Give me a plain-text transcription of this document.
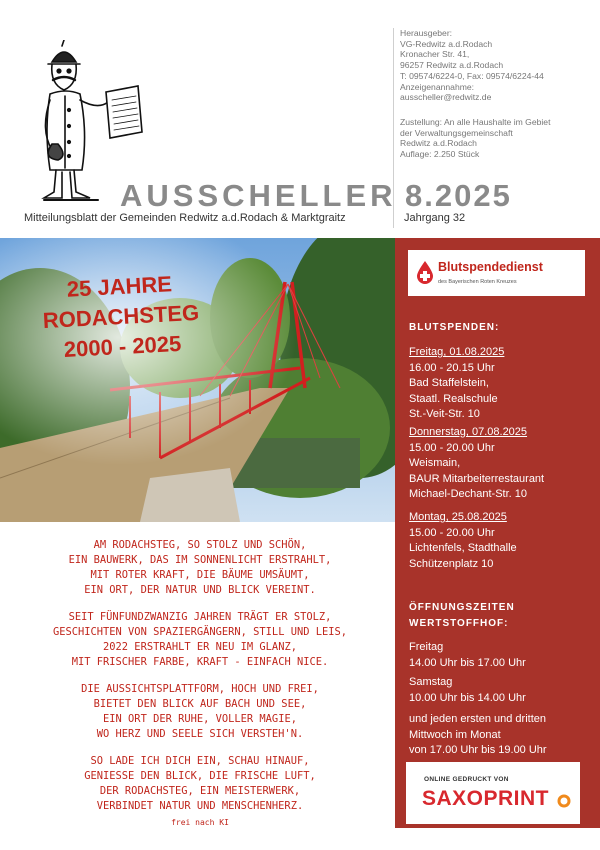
AUSSCHELLER 8.2025
Mitteilungsblatt der Gemeinden Redwitz a.d.Rodach & Marktgraitz	Jahrgang 32
Herausgeber:
VG-Redwitz a.d.Rodach
Kronacher Str. 41,
96257 Redwitz a.d.Rodach
T: 09574/6224-0, Fax: 09574/6224-44
Anzeigenannahme:
ausscheller@redwitz.de
Zustellung: An alle Haushalte im Gebiet
der Verwaltungsgemeinschaft
Redwitz a.d.Rodach
Auflage: 2.250 Stück
25 JAHRE
RODACHSTEG
2000 - 2025
AM RODACHSTEG, SO STOLZ UND SCHÖN,
EIN BAUWERK, DAS IM SONNENLICHT ERSTRAHLT,
MIT ROTER KRAFT, DIE BÄUME UMSÄUMT,
EIN ORT, DER NATUR UND BLICK VEREINT.
SEIT FÜNFUNDZWANZIG JAHREN TRÄGT ER STOLZ,
GESCHICHTEN VON SPAZIERGÄNGERN, STILL UND LEIS,
2022 ERSTRAHLT ER NEU IM GLANZ,
MIT FRISCHER FARBE, KRAFT - EINFACH NICE.
DIE AUSSICHTSPLATTFORM, HOCH UND FREI,
BIETET DEN BLICK AUF BACH UND SEE,
EIN ORT DER RUHE, VOLLER MAGIE,
WO HERZ UND SEELE SICH VERSTEH'N.
SO LADE ICH DICH EIN, SCHAU HINAUF,
GENIESSE DEN BLICK, DIE FRISCHE LUFT,
DER RODACHSTEG, EIN MEISTERWERK,
VERBINDET NATUR UND MENSCHENHERZ.
frei nach KI
Blutspendedienst
des Bayerischen Roten Kreuzes
BLUTSPENDEN:
Freitag, 01.08.2025
16.00 - 20.15 Uhr
Bad Staffelstein,
Staatl. Realschule
St.-Veit-Str. 10
Donnerstag, 07.08.2025
15.00 - 20.00 Uhr
Weismain,
BAUR Mitarbeiterrestaurant
Michael-Dechant-Str. 10
Montag, 25.08.2025
15.00 - 20.00 Uhr
Lichtenfels, Stadthalle
Schützenplatz 10
ÖFFNUNGSZEITEN
WERTSTOFFHOF:
Freitag
14.00 Uhr bis 17.00 Uhr
Samstag
10.00 Uhr bis 14.00 Uhr
und jeden ersten und dritten
Mittwoch im Monat
von 17.00 Uhr bis 19.00 Uhr
ONLINE GEDRUCKT VON
SAXOPRINT
